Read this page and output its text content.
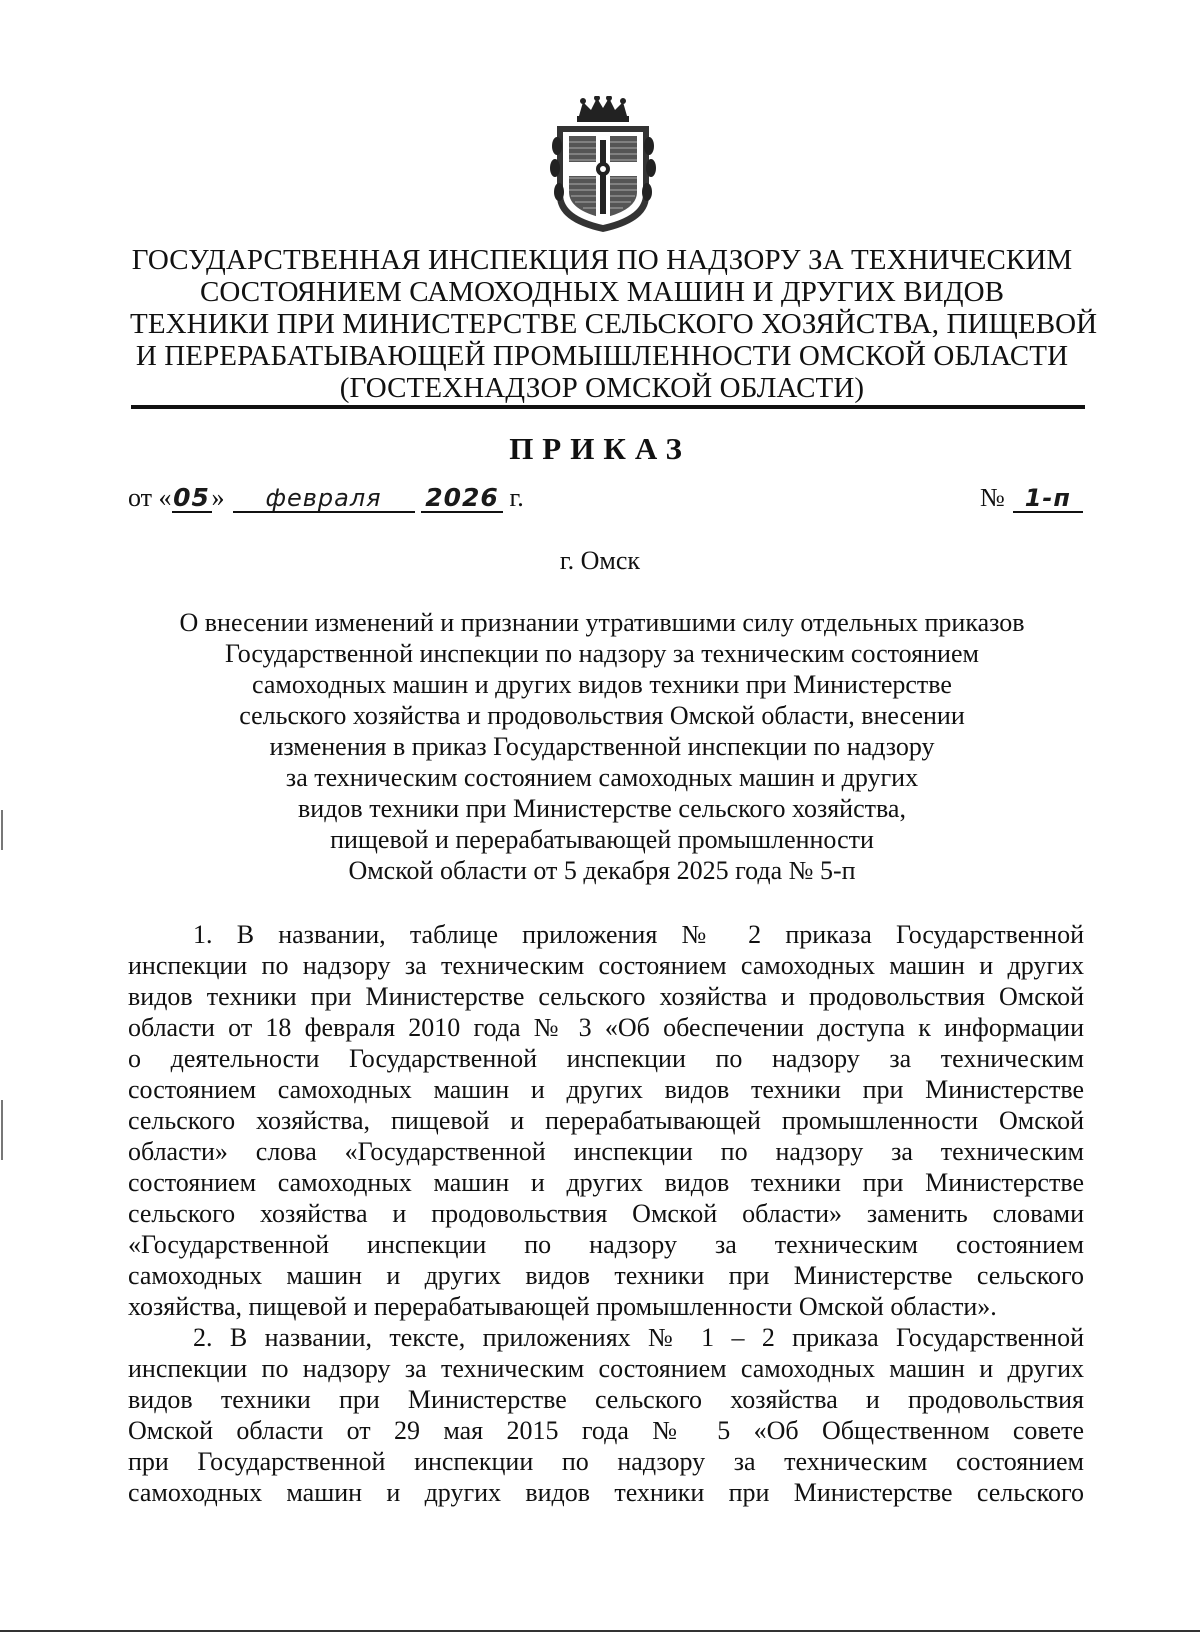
ГОСУДАРСТВЕННАЯ ИНСПЕКЦИЯ ПО НАДЗОРУ ЗА ТЕХНИЧЕСКИМ
СОСТОЯНИЕМ САМОХОДНЫХ МАШИН И ДРУГИХ ВИДОВ
ТЕХНИКИ ПРИ МИНИСТЕРСТВЕ СЕЛЬСКОГО ХОЗЯЙСТВА, ПИЩЕВОЙ
И ПЕРЕРАБАТЫВАЮЩЕЙ ПРОМЫШЛЕННОСТИ ОМСКОЙ ОБЛАСТИ
(ГОСТЕХНАДЗОР ОМСКОЙ ОБЛАСТИ)
ПРИКАЗ
от «05» февраля 2026 г.	№ 1-п
г. Омск
О внесении изменений и признании утратившими силу отдельных приказов
Государственной инспекции по надзору за техническим состоянием
самоходных машин и других видов техники при Министерстве
сельского хозяйства и продовольствия Омской области, внесении
изменения в приказ Государственной инспекции по надзору
за техническим состоянием самоходных машин и других
видов техники при Министерстве сельского хозяйства,
пищевой и перерабатывающей промышленности
Омской области от 5 декабря 2025 года № 5-п
1. В названии, таблице приложения № 2 приказа Государственной
инспекции по надзору за техническим состоянием самоходных машин и других
видов техники при Министерстве сельского хозяйства и продовольствия Омской
области от 18 февраля 2010 года № 3 «Об обеспечении доступа к информации
о деятельности Государственной инспекции по надзору за техническим
состоянием самоходных машин и других видов техники при Министерстве
сельского хозяйства, пищевой и перерабатывающей промышленности Омской
области» слова «Государственной инспекции по надзору за техническим
состоянием самоходных машин и других видов техники при Министерстве
сельского хозяйства и продовольствия Омской области» заменить словами
«Государственной инспекции по надзору за техническим состоянием
самоходных машин и других видов техники при Министерстве сельского
хозяйства, пищевой и перерабатывающей промышленности Омской области».
2. В названии, тексте, приложениях № 1 – 2 приказа Государственной
инспекции по надзору за техническим состоянием самоходных машин и других
видов техники при Министерстве сельского хозяйства и продовольствия
Омской области от 29 мая 2015 года № 5 «Об Общественном совете
при Государственной инспекции по надзору за техническим состоянием
самоходных машин и других видов техники при Министерстве сельского
